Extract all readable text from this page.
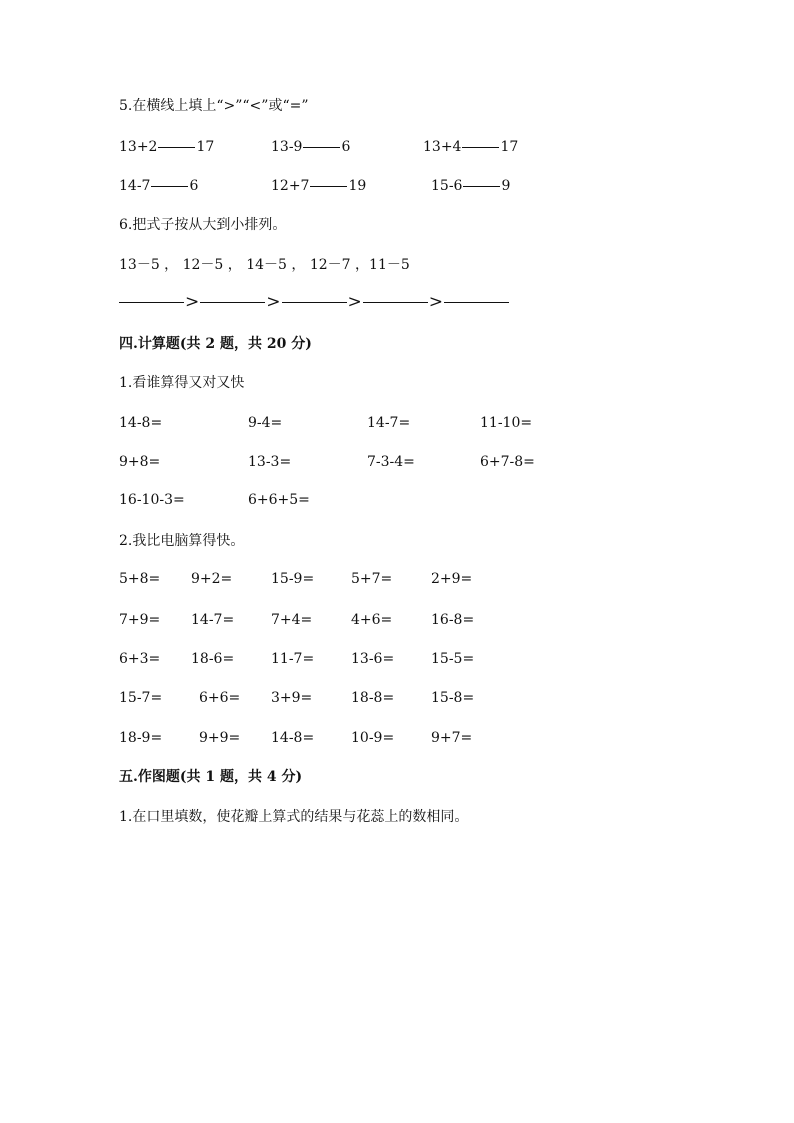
5.在横线上填上“>”“<”或“=”
13+2	17	13-9	6	13+4	17
14-7	6	12+7	19	15-6	9
6.把式子按从大到小排列。
13－5 ， 12－5 ， 14－5 ， 12－7 ，11－5
>	>	>	>
四.计算题(共 2 题，共 20 分)
1.看谁算得又对又快
14-8=	9-4=	14-7=	11-10=
9+8=	13-3=	7-3-4=	6+7-8=
16-10-3=	6+6+5=
2.我比电脑算得快。
5+8= 9+2=	15-9=	5+7=	2+9=
7+9= 14-7=	7+4=	4+6=	16-8=
6+3= 18-6=	11-7=	13-6=	15-5=
15-7=	6+6= 3+9=	18-8=	15-8=
18-9=	9+9= 14-8=	10-9=	9+7=
五.作图题(共 1 题，共 4 分)
1.在口里填数，使花瓣上算式的结果与花蕊上的数相同。
